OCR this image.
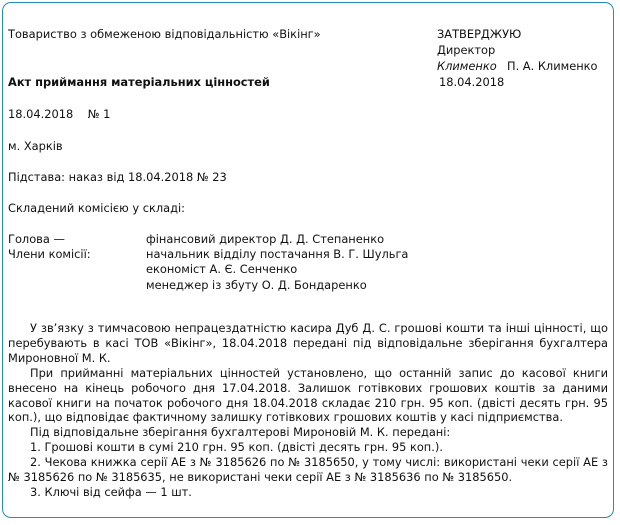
Товариство з обмеженою відповідальністю «Вікінг»	ЗАТВЕРДЖУЮ
Директор
Клименко П. А. Клименко
18.04.2018
Акт приймання матеріальних цінностей
18.04.2018    № 1
м. Харків
Підстава: наказ від 18.04.2018 № 23
Складений комісією у складі:
Голова —	фінансовий директор Д. Д. Степаненко
Члени комісії:	начальник відділу постачання В. Г. Шульга
економіст А. Є. Сенченко
менеджер із збуту О. Д. Бондаренко

У зв’язку з тимчасовою непрацездатністю касира Дуб Д. С. грошові кошти та інші цінності, що перебувають в касі ТОВ «Вікінг», 18.04.2018 передані під відповідальне зберігання бухгалтера Мироновної М. К.

При прийманні матеріальних цінностей установлено, що останній запис до касової книги внесено на кінець робочого дня 17.04.2018. Залишок готівкових грошових коштів за даними касової книги на початок робочого дня 18.04.2018 складає 210 грн. 95 коп. (двісті десять грн. 95 коп.), що відповідає фактичному залишку готівкових грошових коштів у касі підприємства.

Під відповідальне зберігання бухгалтерові Мироновій М. К. передані:

1. Грошові кошти в сумі 210 грн. 95 коп. (двісті десять грн. 95 коп.).

2. Чекова книжка серії АЕ з № 3185626 по № 3185650, у тому числі: використані чеки серії АЕ з № 3185626 по № 3185635, не використані чеки серії АЕ з № 3185636 по № 3185650.

3. Ключі від сейфа — 1 шт.
